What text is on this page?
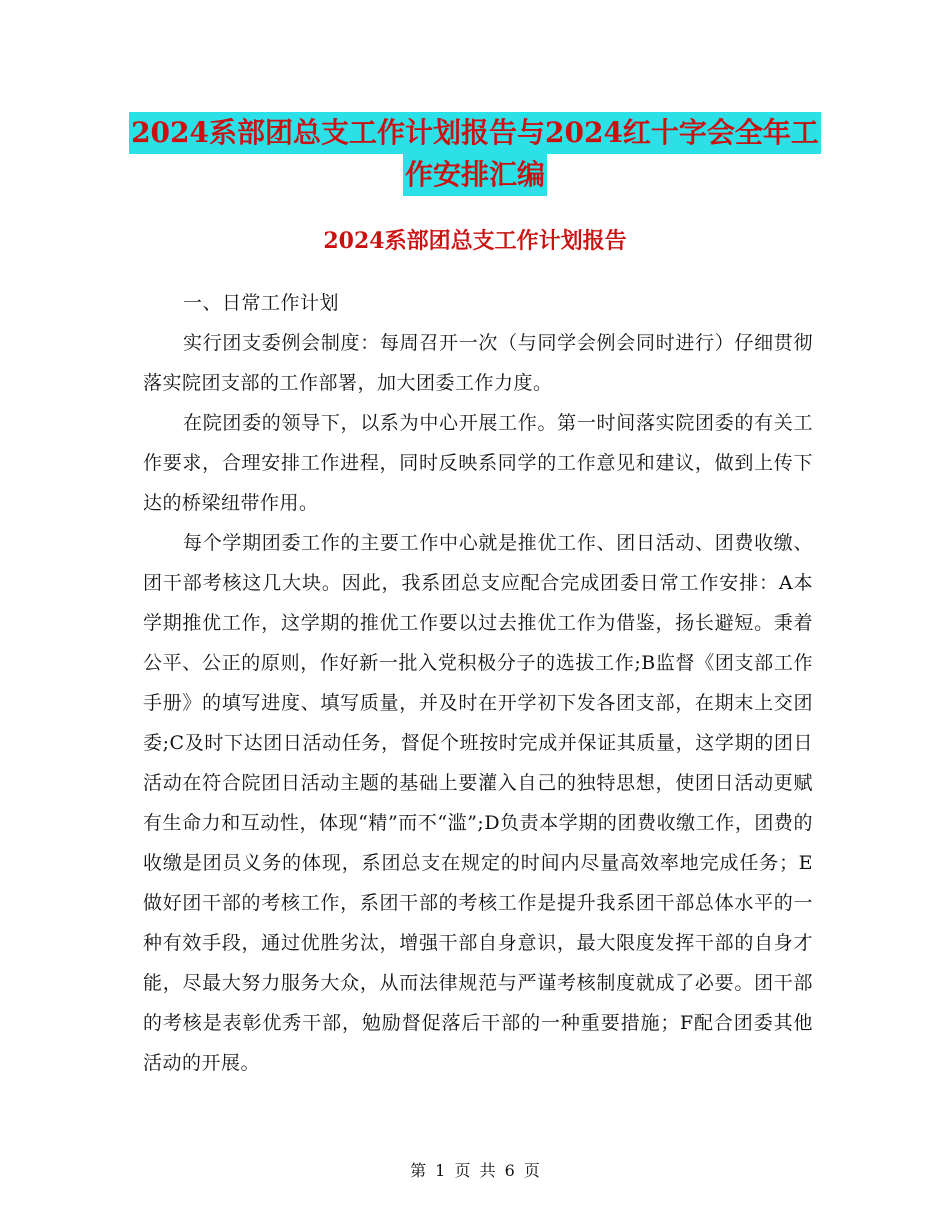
2024系部团总支工作计划报告与2024红十字会全年工
作安排汇编
2024系部团总支工作计划报告

一、日常工作计划

实行团支委例会制度：每周召开一次（与同学会例会同时进行）仔细贯彻落实院团支部的工作部署，加大团委工作力度。

在院团委的领导下，以系为中心开展工作。第一时间落实院团委的有关工作要求，合理安排工作进程，同时反映系同学的工作意见和建议，做到上传下达的桥梁纽带作用。

每个学期团委工作的主要工作中心就是推优工作、团日活动、团费收缴、团干部考核这几大块。因此，我系团总支应配合完成团委日常工作安排：A本学期推优工作，这学期的推优工作要以过去推优工作为借鉴，扬长避短。秉着公平、公正的原则，作好新一批入党积极分子的选拔工作;B监督《团支部工作手册》的填写进度、填写质量，并及时在开学初下发各团支部，在期末上交团委;C及时下达团日活动任务，督促个班按时完成并保证其质量，这学期的团日活动在符合院团日活动主题的基础上要灌入自己的独特思想，使团日活动更赋有生命力和互动性，体现“精”而不“滥”;D负责本学期的团费收缴工作，团费的收缴是团员义务的体现，系团总支在规定的时间内尽量高效率地完成任务；E做好团干部的考核工作，系团干部的考核工作是提升我系团干部总体水平的一种有效手段，通过优胜劣汰，增强干部自身意识，最大限度发挥干部的自身才能，尽最大努力服务大众，从而法律规范与严谨考核制度就成了必要。团干部的考核是表彰优秀干部，勉励督促落后干部的一种重要措施；F配合团委其他活动的开展。

第 1 页 共 6 页
